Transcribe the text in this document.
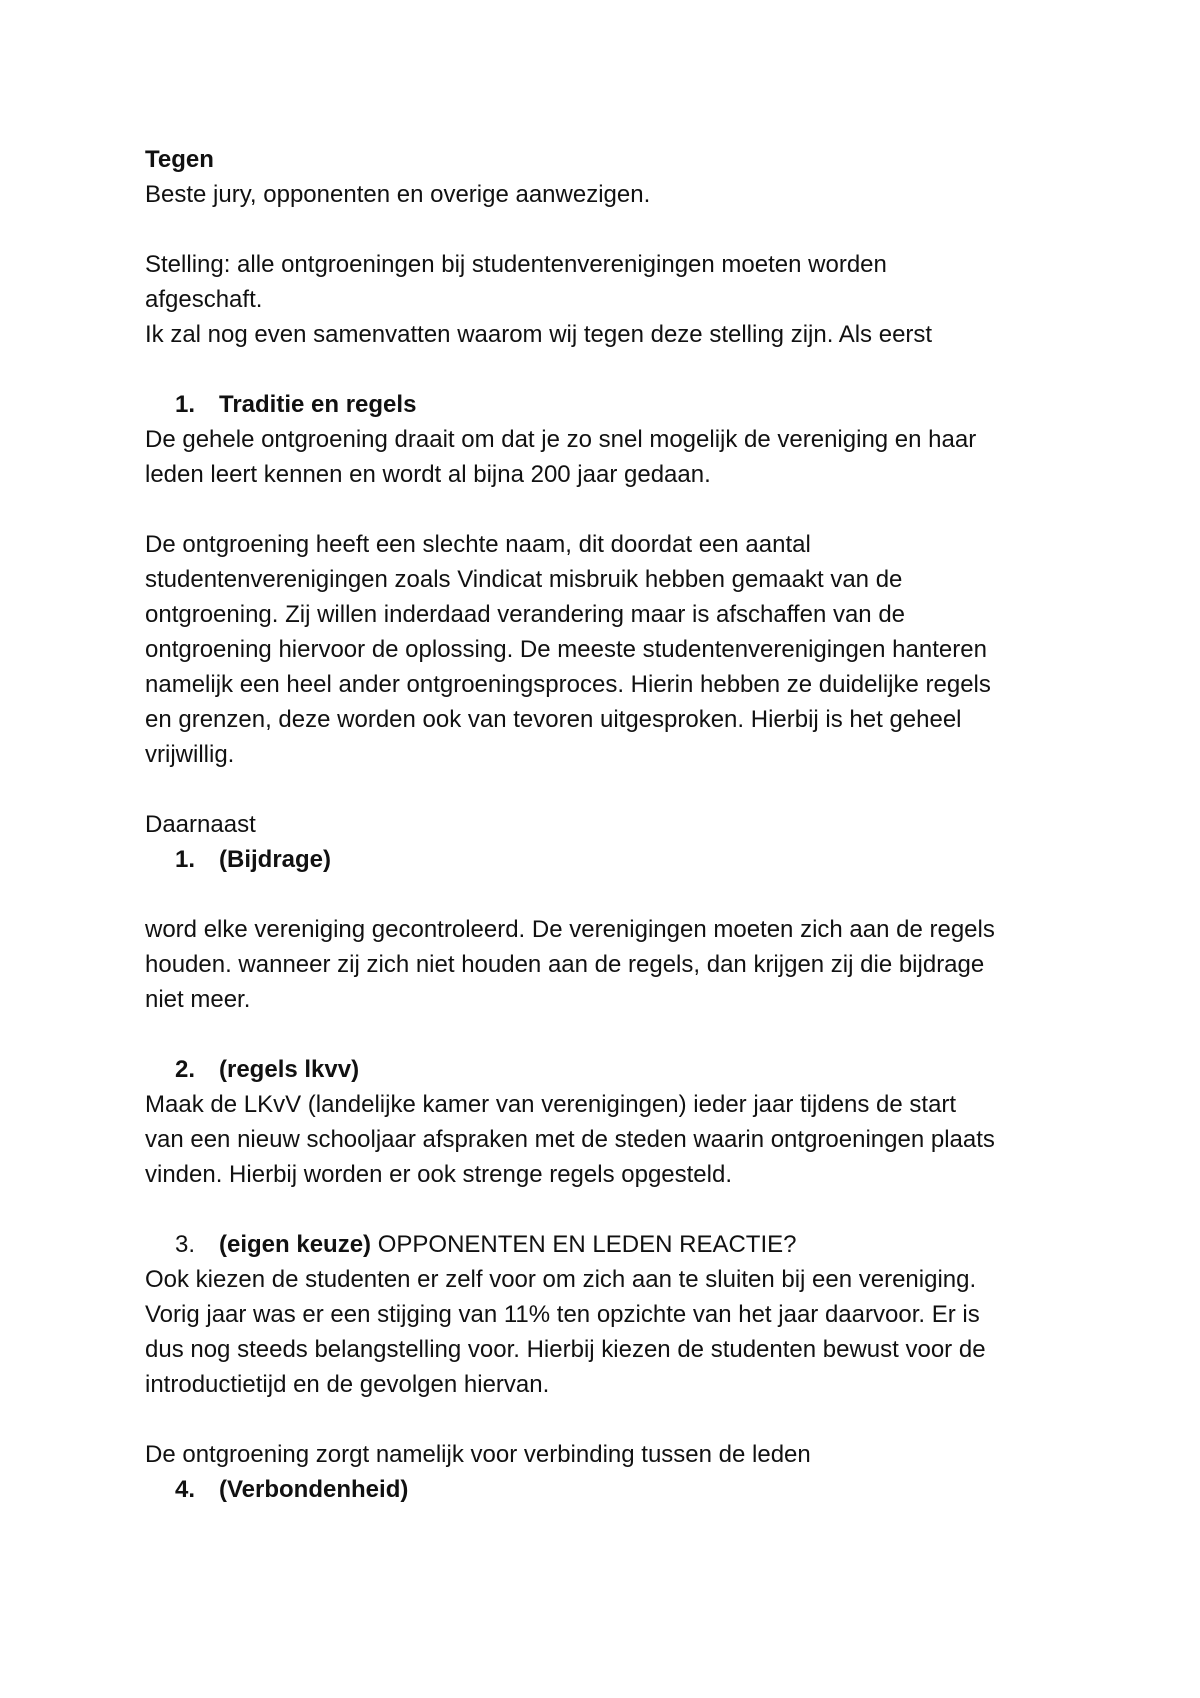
Tegen
Beste jury, opponenten en overige aanwezigen.
Stelling: alle ontgroeningen bij studentenverenigingen moeten worden
afgeschaft.
Ik zal nog even samenvatten waarom wij tegen deze stelling zijn. Als eerst
1. Traditie en regels
De gehele ontgroening draait om dat je zo snel mogelijk de vereniging en haar
leden leert kennen en wordt al bijna 200 jaar gedaan.
De ontgroening heeft een slechte naam, dit doordat een aantal
studentenverenigingen zoals Vindicat misbruik hebben gemaakt van de
ontgroening. Zij willen inderdaad verandering maar is afschaffen van de
ontgroening hiervoor de oplossing. De meeste studentenverenigingen hanteren
namelijk een heel ander ontgroeningsproces. Hierin hebben ze duidelijke regels
en grenzen, deze worden ook van tevoren uitgesproken. Hierbij is het geheel
vrijwillig.
Daarnaast
1. (Bijdrage)
word elke vereniging gecontroleerd. De verenigingen moeten zich aan de regels
houden. wanneer zij zich niet houden aan de regels, dan krijgen zij die bijdrage
niet meer.
2. (regels lkvv)
Maak de LKvV (landelijke kamer van verenigingen) ieder jaar tijdens de start
van een nieuw schooljaar afspraken met de steden waarin ontgroeningen plaats
vinden. Hierbij worden er ook strenge regels opgesteld.
3. (eigen keuze) OPPONENTEN EN LEDEN REACTIE?
Ook kiezen de studenten er zelf voor om zich aan te sluiten bij een vereniging.
Vorig jaar was er een stijging van 11% ten opzichte van het jaar daarvoor. Er is
dus nog steeds belangstelling voor. Hierbij kiezen de studenten bewust voor de
introductietijd en de gevolgen hiervan.
De ontgroening zorgt namelijk voor verbinding tussen de leden
4. (Verbondenheid)
